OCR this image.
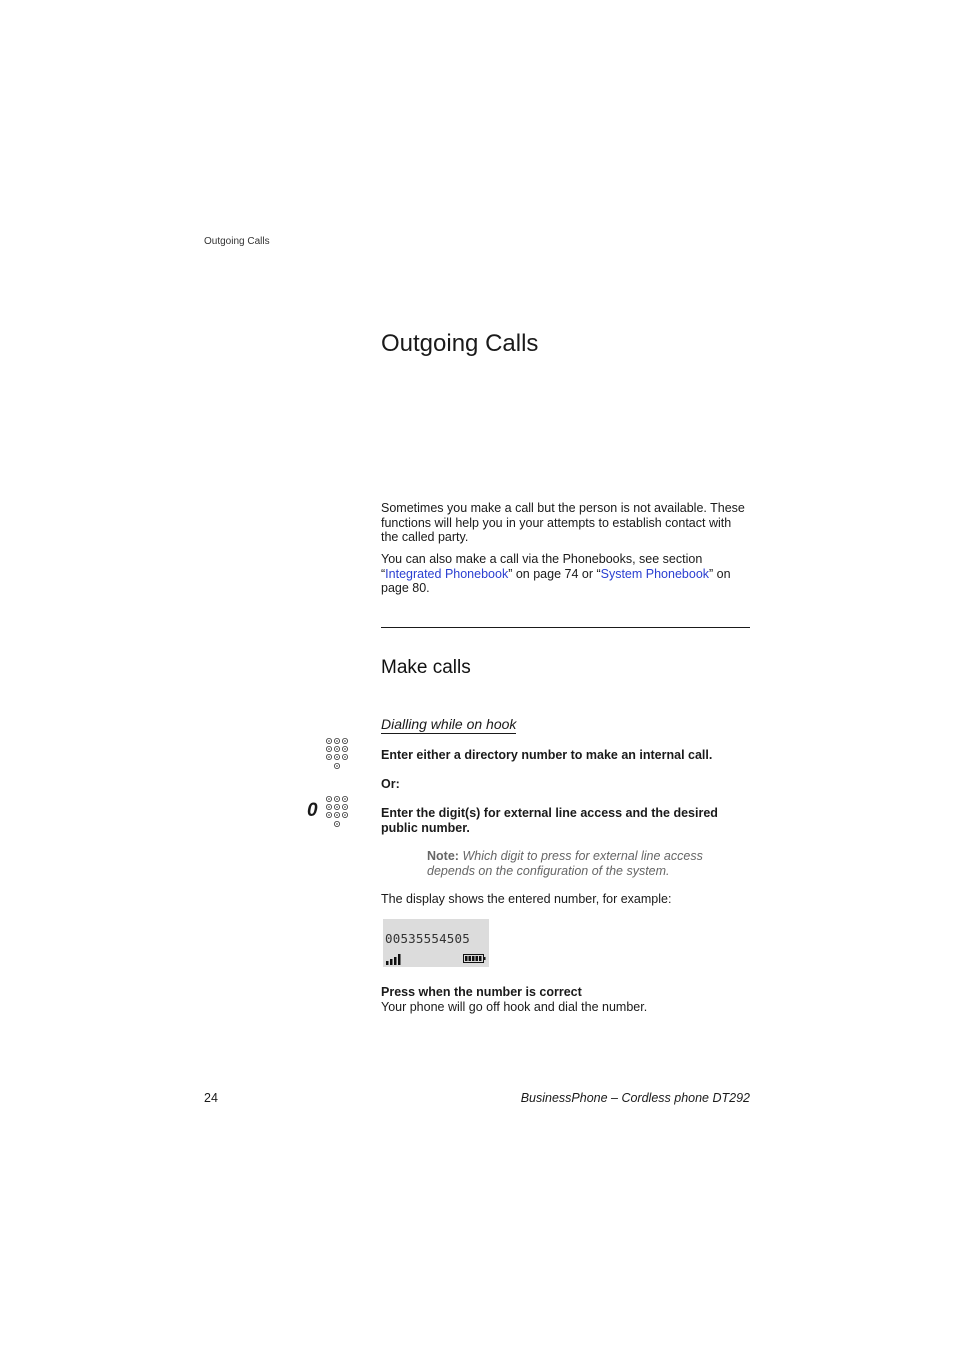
Outgoing Calls
Outgoing Calls

Sometimes you make a call but the person is not available. These functions will help you in your attempts to establish contact with the called party.

You can also make a call via the Phonebooks, see section “Integrated Phonebook” on page 74 or “System Phonebook” on page 80.

Make calls
Dialling while on hook

Enter either a directory number to make an internal call.

Or:

0	Enter the digit(s) for external line access and the desired public number.

Note: Which digit to press for external line access depends on the configuration of the system.

The display shows the entered number, for example:

00535554505

Press when the number is correct

Your phone will go off hook and dial the number.

24	BusinessPhone – Cordless phone DT292
